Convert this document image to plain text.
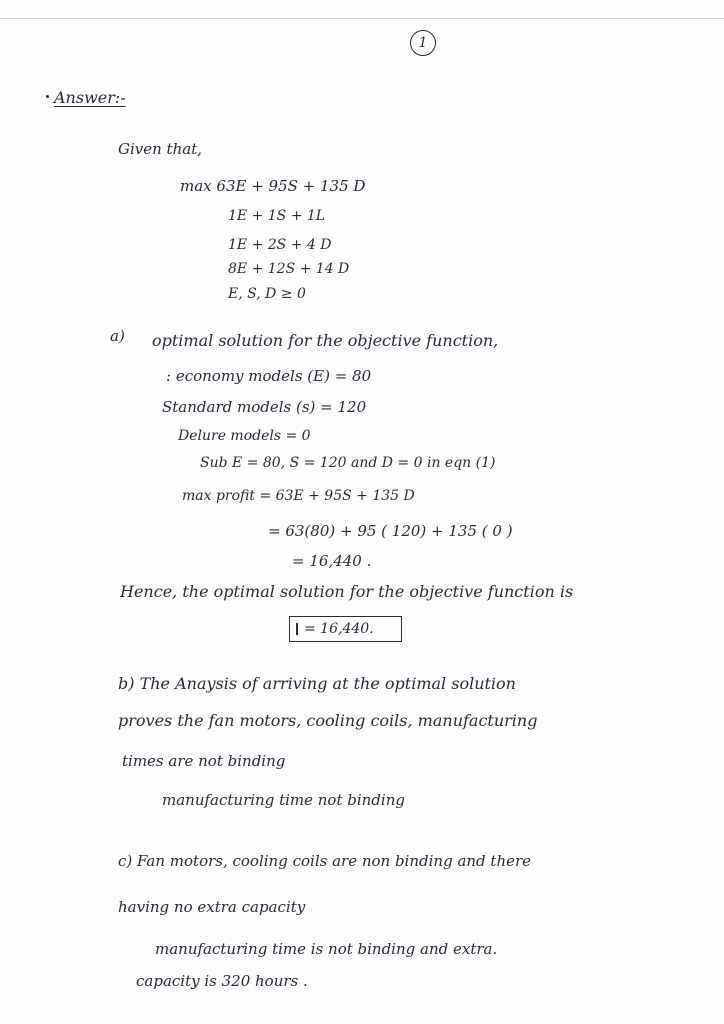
1
Answer:-
Given that,
max 63E + 95S + 135 D
1E + 1S + 1L
1E + 2S + 4 D
8E + 12S + 14 D
E, S, D ≥ 0
a) optimal solution for the objective function,
: economy models (E) = 80
Standard models (s) = 120
Delure models = 0
Sub E = 80, S = 120 and D = 0 in eqn (1)
max profit = 63E + 95S + 135 D
= 63(80) + 95 ( 120) + 135 ( 0 )
= 16,440 .
Hence, the optimal solution for the objective function is
= 16,440.
b) The Anaysis of arriving at the optimal solution
proves the fan motors, cooling coils, manufacturing
times are not binding
manufacturing time not binding
c) Fan motors, cooling coils are non binding and there
having no extra capacity
manufacturing time is not binding and extra.
capacity is 320 hours .
